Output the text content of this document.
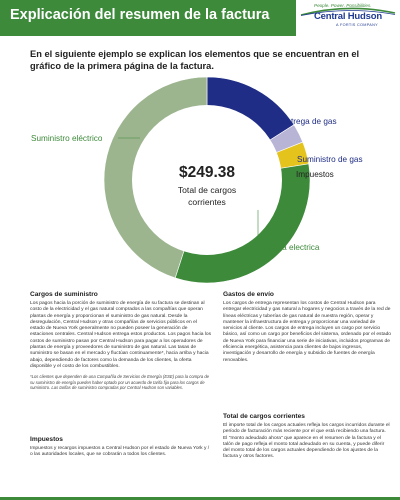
Explicación del resumen de la factura
People. Power. Possibilities.
Central Hudson
A FORTIS COMPANY
En el siguiente ejemplo se explican los elementos que se encuentran en el gráfico de la primera página de la factura.
$249.38
Total de cargos
corrientes
Entrega de gas
Suministro de gas
Impuestos
Entrega electrica
Suministro eléctrico
Cargos de suministro

Los pagos hacia la porción de suministro de energía de su factura se destinan al costo de la electricidad y el gas natural comprados a las compañías que operan plantas de energía y proporcionan el suministro de gas natural. Desde la desregulación, Central Hudson y otras compañías de servicios públicos en el estado de Nueva York generalmente no pueden poseer la generación de estaciones centrales. Central Hudson entrega estos productos. Los pagos hacia los costos de suministro pasan por Central Hudson para pagar a los operadores de plantas de energía y proveedores de suministro de gas natural. Las tasas de suministro se basan en el mercado y fluctúan continuamente*, hacia arriba y hacia abajo, dependiendo de factores como la demanda de los clientes, la oferta disponible y el costo de los combustibles.

*Los clientes que dependen de una Compañía de Servicios de Energía (ESE) para la compra de su suministro de energía pueden haber optado por un acuerdo de tarifa fija para los cargos de suministro. Las tarifas de suministro compradas por Central Hudson son variables.

Impuestos

Impuestos y recargos impuestos a Central Hudson por el estado de Nueva York y / o las autoridades locales, que se cobrarán a todos los clientes.

Gastos de envío

Los cargos de entrega representan los costos de Central Hudson para entregar electricidad y gas natural a hogares y negocios a través de la red de líneas eléctricas y tuberías de gas natural de nuestra región, operar y mantener la infraestructura de entrega y proporcionar una variedad de servicios al cliente. Los cargos de entrega incluyen un cargo por servicio básico, así como un cargo por beneficios del sistema, ordenado por el estado de Nueva York para financiar una serie de iniciativas, incluidos programas de eficiencia energética, asistencia para clientes de bajos ingresos, investigación y desarrollo de energía y subsidio de fuentes de energía renovables.

Total de cargos corrientes

El importe total de los cargos actuales refleja los cargos incurridos durante el período de facturación más reciente por el que está recibiendo una factura. El "monto adeudado ahora" que aparece en el resumen de la factura y el talón de pago refleja el monto total adeudado en su cuenta, y puede diferir del monto total de los cargos actuales dependiendo de los ajustes de la factura y otros factores.
